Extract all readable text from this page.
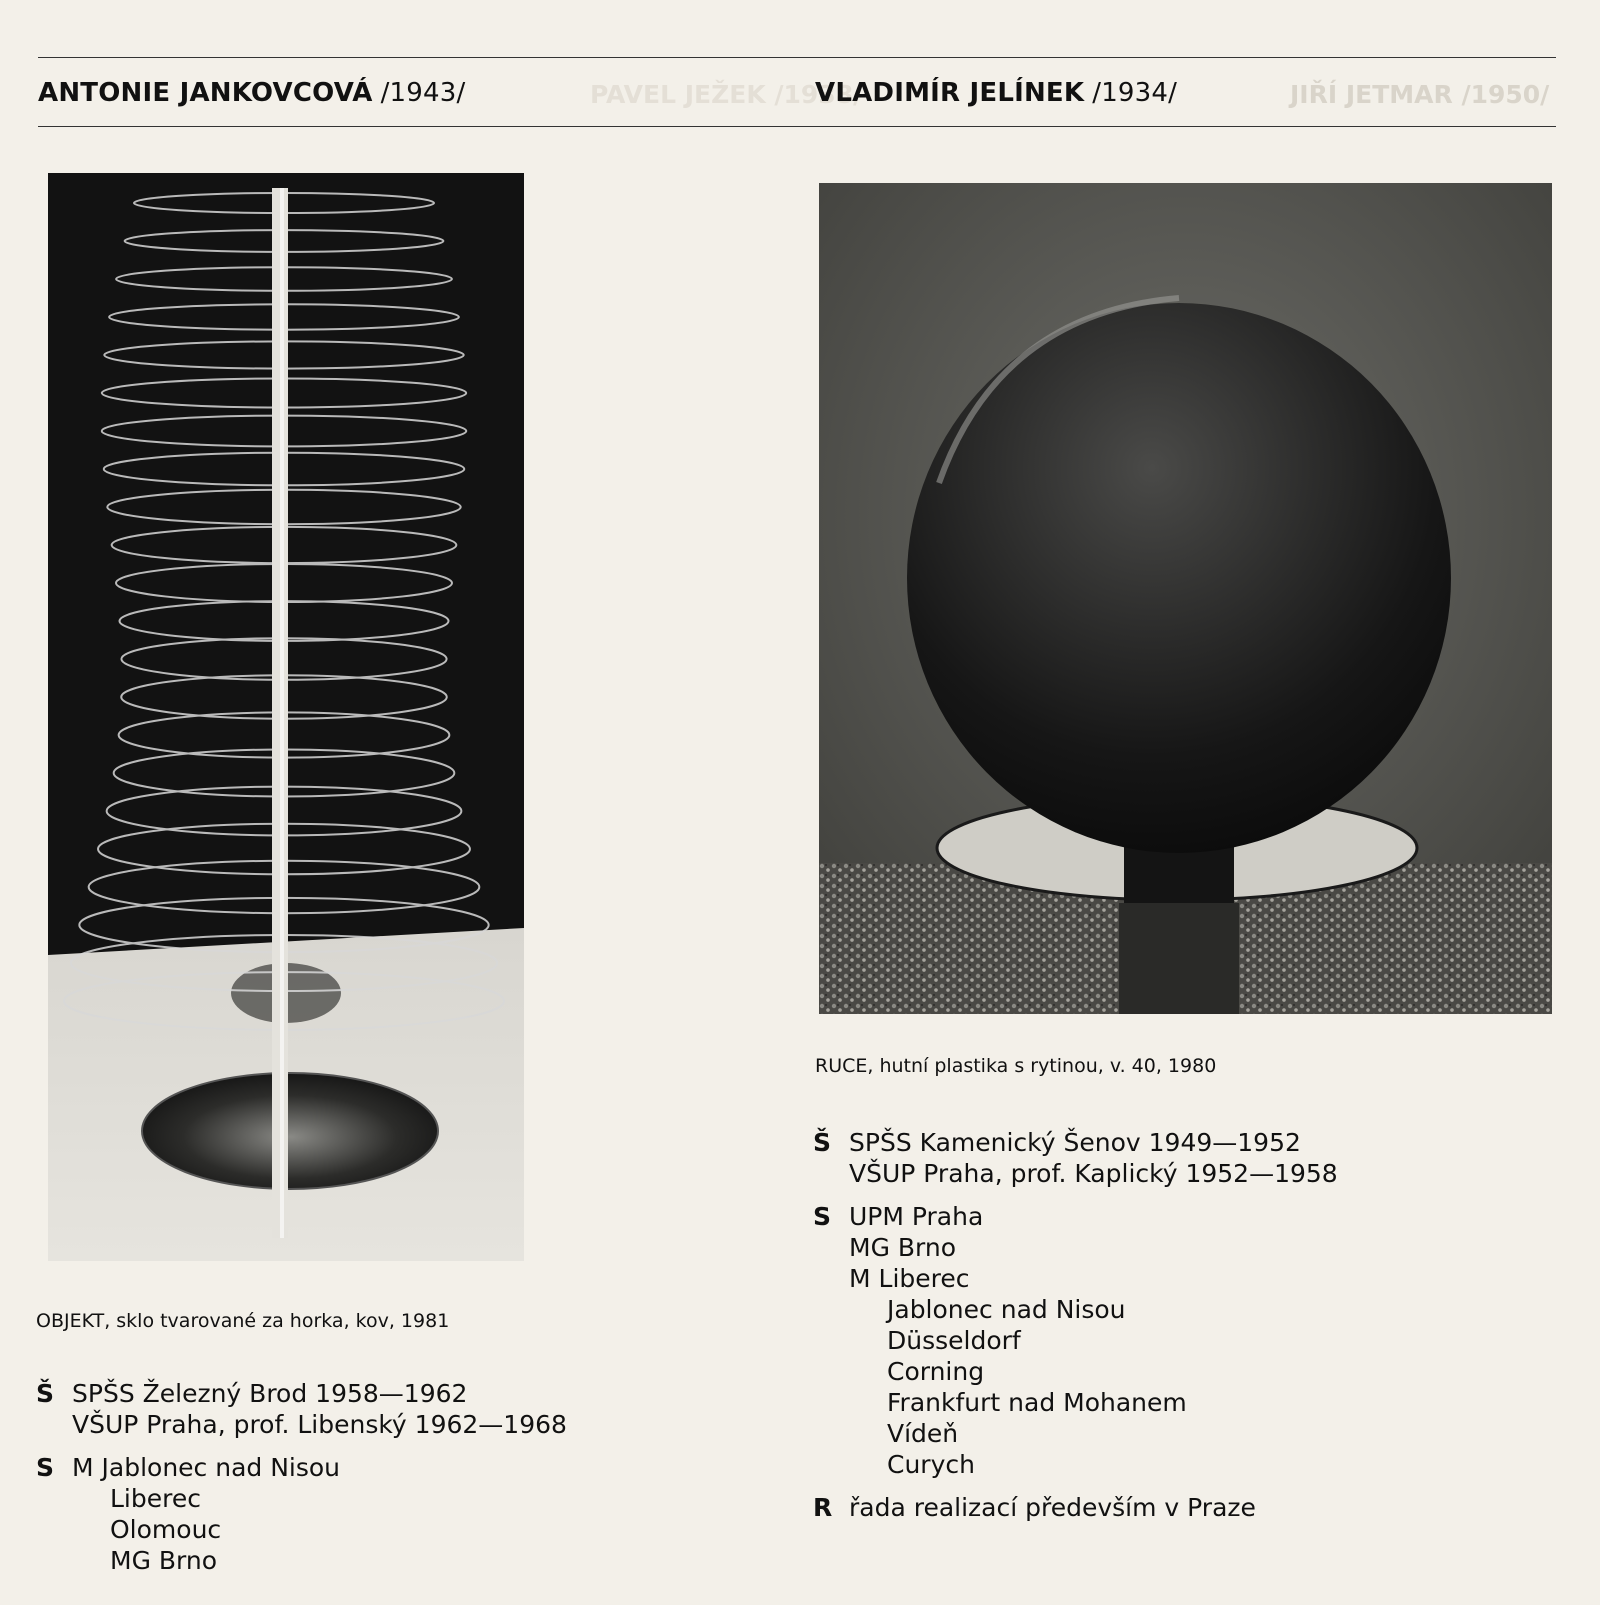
JIŘÍ JETMAR /1950/
PAVEL JEŽEK /1938/
ANTONIE JANKOVCOVÁ /1943/	VLADIMÍR JELÍNEK /1934/
OBJEKT, sklo tvarované za horka, kov, 1981
RUCE, hutní plastika s rytinou, v. 40, 1980
Š SPŠS Železný Brod 1958—1962
VŠUP Praha, prof. Libenský 1962—1968
S M Jablonec nad Nisou
Liberec
Olomouc
MG Brno
Š SPŠS Kamenický Šenov 1949—1952
VŠUP Praha, prof. Kaplický 1952—1958
S UPM Praha
MG Brno
M Liberec
Jablonec nad Nisou
Düsseldorf
Corning
Frankfurt nad Mohanem
Vídeň
Curych
R řada realizací především v Praze
